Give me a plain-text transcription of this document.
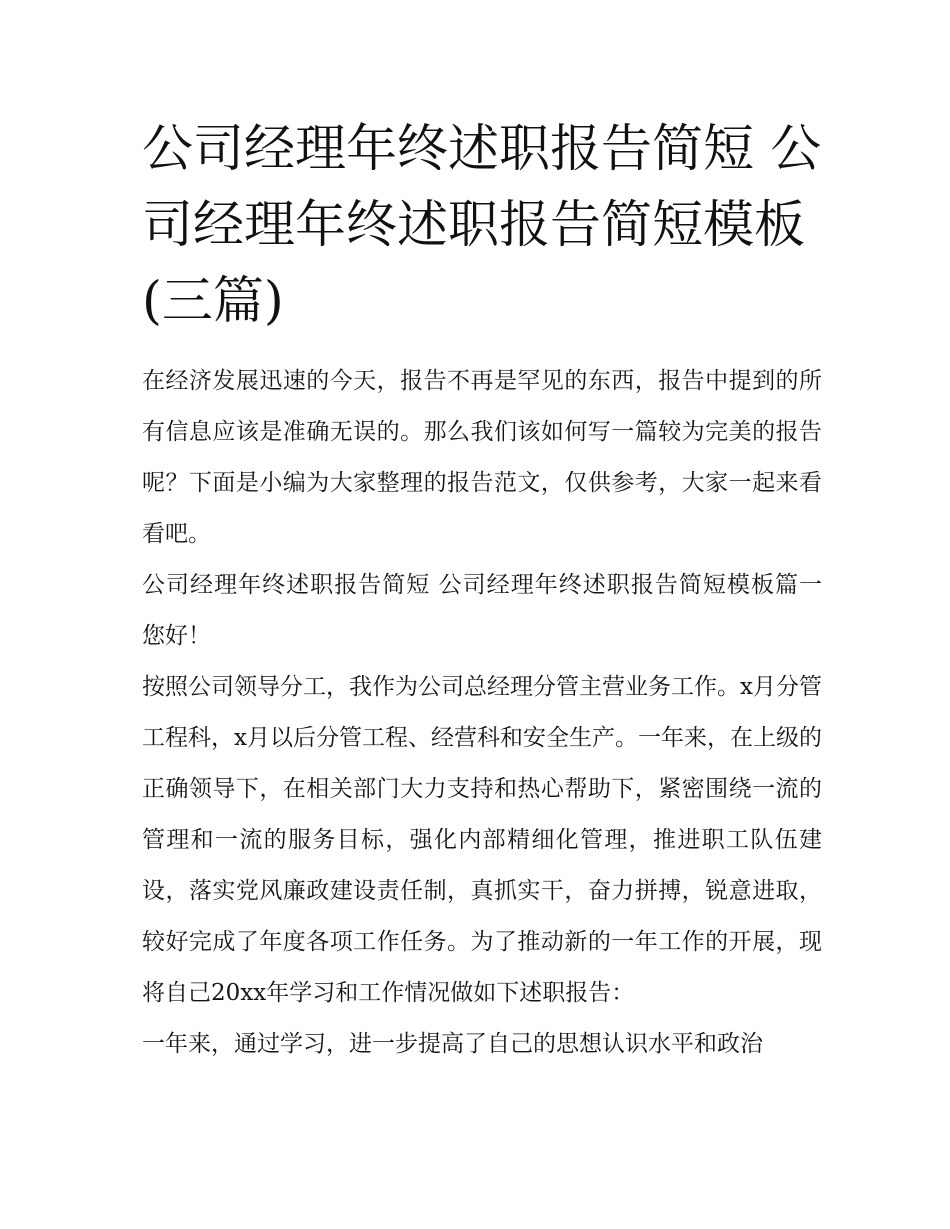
公司经理年终述职报告简短 公司经理年终述职报告简短模板(三篇)

在经济发展迅速的今天，报告不再是罕见的东西，报告中提到的所有信息应该是准确无误的。那么我们该如何写一篇较为完美的报告呢？下面是小编为大家整理的报告范文，仅供参考，大家一起来看看吧。

公司经理年终述职报告简短 公司经理年终述职报告简短模板篇一 您好！

按照公司领导分工，我作为公司总经理分管主营业务工作。x月分管工程科，x月以后分管工程、经营科和安全生产。一年来，在上级的正确领导下，在相关部门大力支持和热心帮助下，紧密围绕一流的管理和一流的服务目标，强化内部精细化管理，推进职工队伍建设，落实党风廉政建设责任制，真抓实干，奋力拼搏，锐意进取，较好完成了年度各项工作任务。为了推动新的一年工作的开展，现将自己20xx年学习和工作情况做如下述职报告：

一年来，通过学习，进一步提高了自己的思想认识水平和政治
